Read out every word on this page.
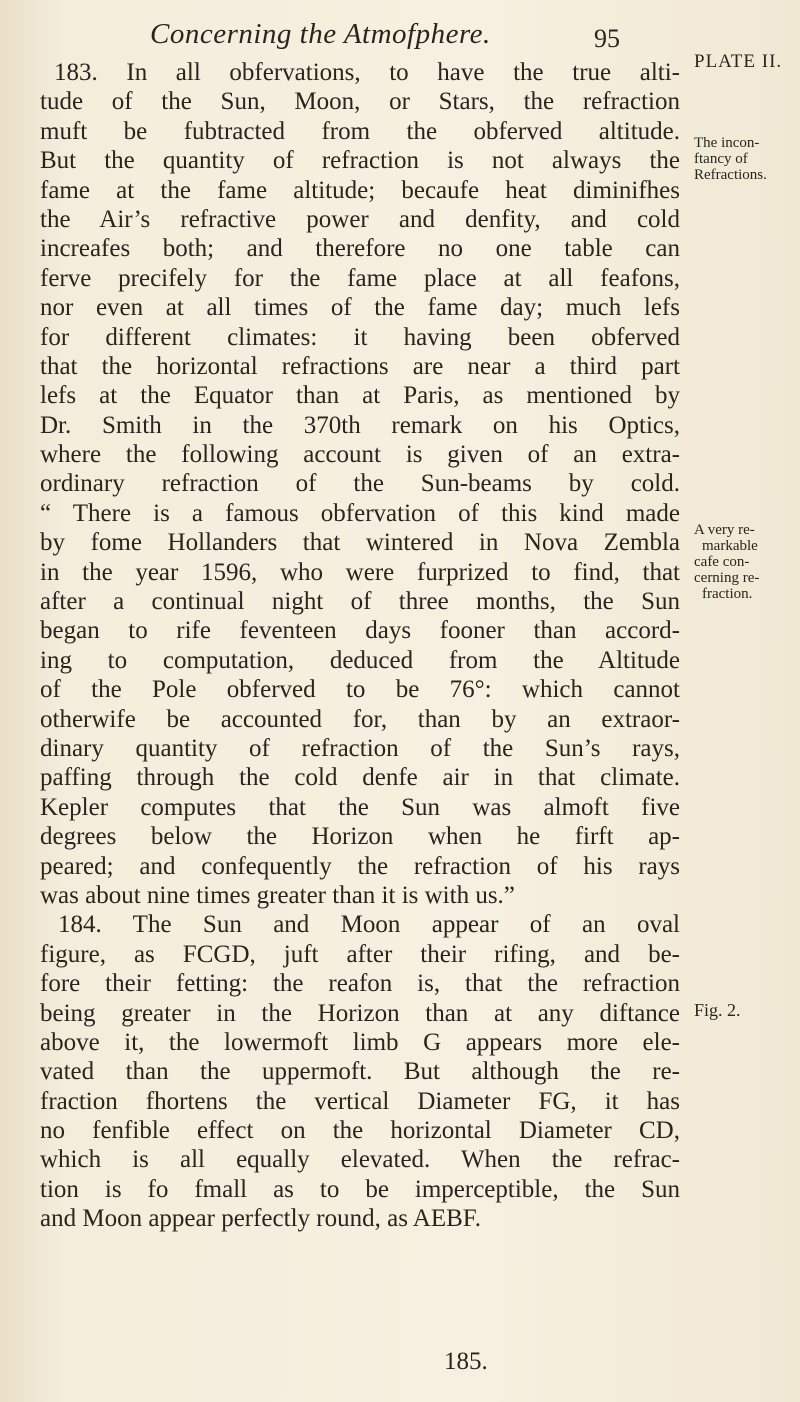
Concerning the Atmofphere.	95
PLATE II.
The incon-
ftancy of
Refractions.
A very re-
markable
cafe con-
cerning re-
fraction.
Fig. 2.
183. In all obfervations, to have the true alti-
tude of the Sun, Moon, or Stars, the refraction
muft be fubtracted from the obferved altitude.
But the quantity of refraction is not always the
fame at the fame altitude; becaufe heat diminifhes
the Air’s refractive power and denfity, and cold
increafes both; and therefore no one table can
ferve precifely for the fame place at all feafons,
nor even at all times of the fame day; much lefs
for different climates: it having been obferved
that the horizontal refractions are near a third part
lefs at the Equator than at Paris, as mentioned by
Dr. Smith in the 370th remark on his Optics,
where the following account is given of an extra-
ordinary refraction of the Sun-beams by cold.
“ There is a famous obfervation of this kind made
by fome Hollanders that wintered in Nova Zembla
in the year 1596, who were furprized to find, that
after a continual night of three months, the Sun
began to rife feventeen days fooner than accord-
ing to computation, deduced from the Altitude
of the Pole obferved to be 76°: which cannot
otherwife be accounted for, than by an extraor-
dinary quantity of refraction of the Sun’s rays,
paffing through the cold denfe air in that climate.
Kepler computes that the Sun was almoft five
degrees below the Horizon when he firft ap-
peared; and confequently the refraction of his rays
was about nine times greater than it is with us.”
184. The Sun and Moon appear of an oval
figure, as FCGD, juft after their rifing, and be-
fore their fetting: the reafon is, that the refraction
being greater in the Horizon than at any diftance
above it, the lowermoft limb G appears more ele-
vated than the uppermoft. But although the re-
fraction fhortens the vertical Diameter FG, it has
no fenfible effect on the horizontal Diameter CD,
which is all equally elevated. When the refrac-
tion is fo fmall as to be imperceptible, the Sun
and Moon appear perfectly round, as AEBF.
185.
